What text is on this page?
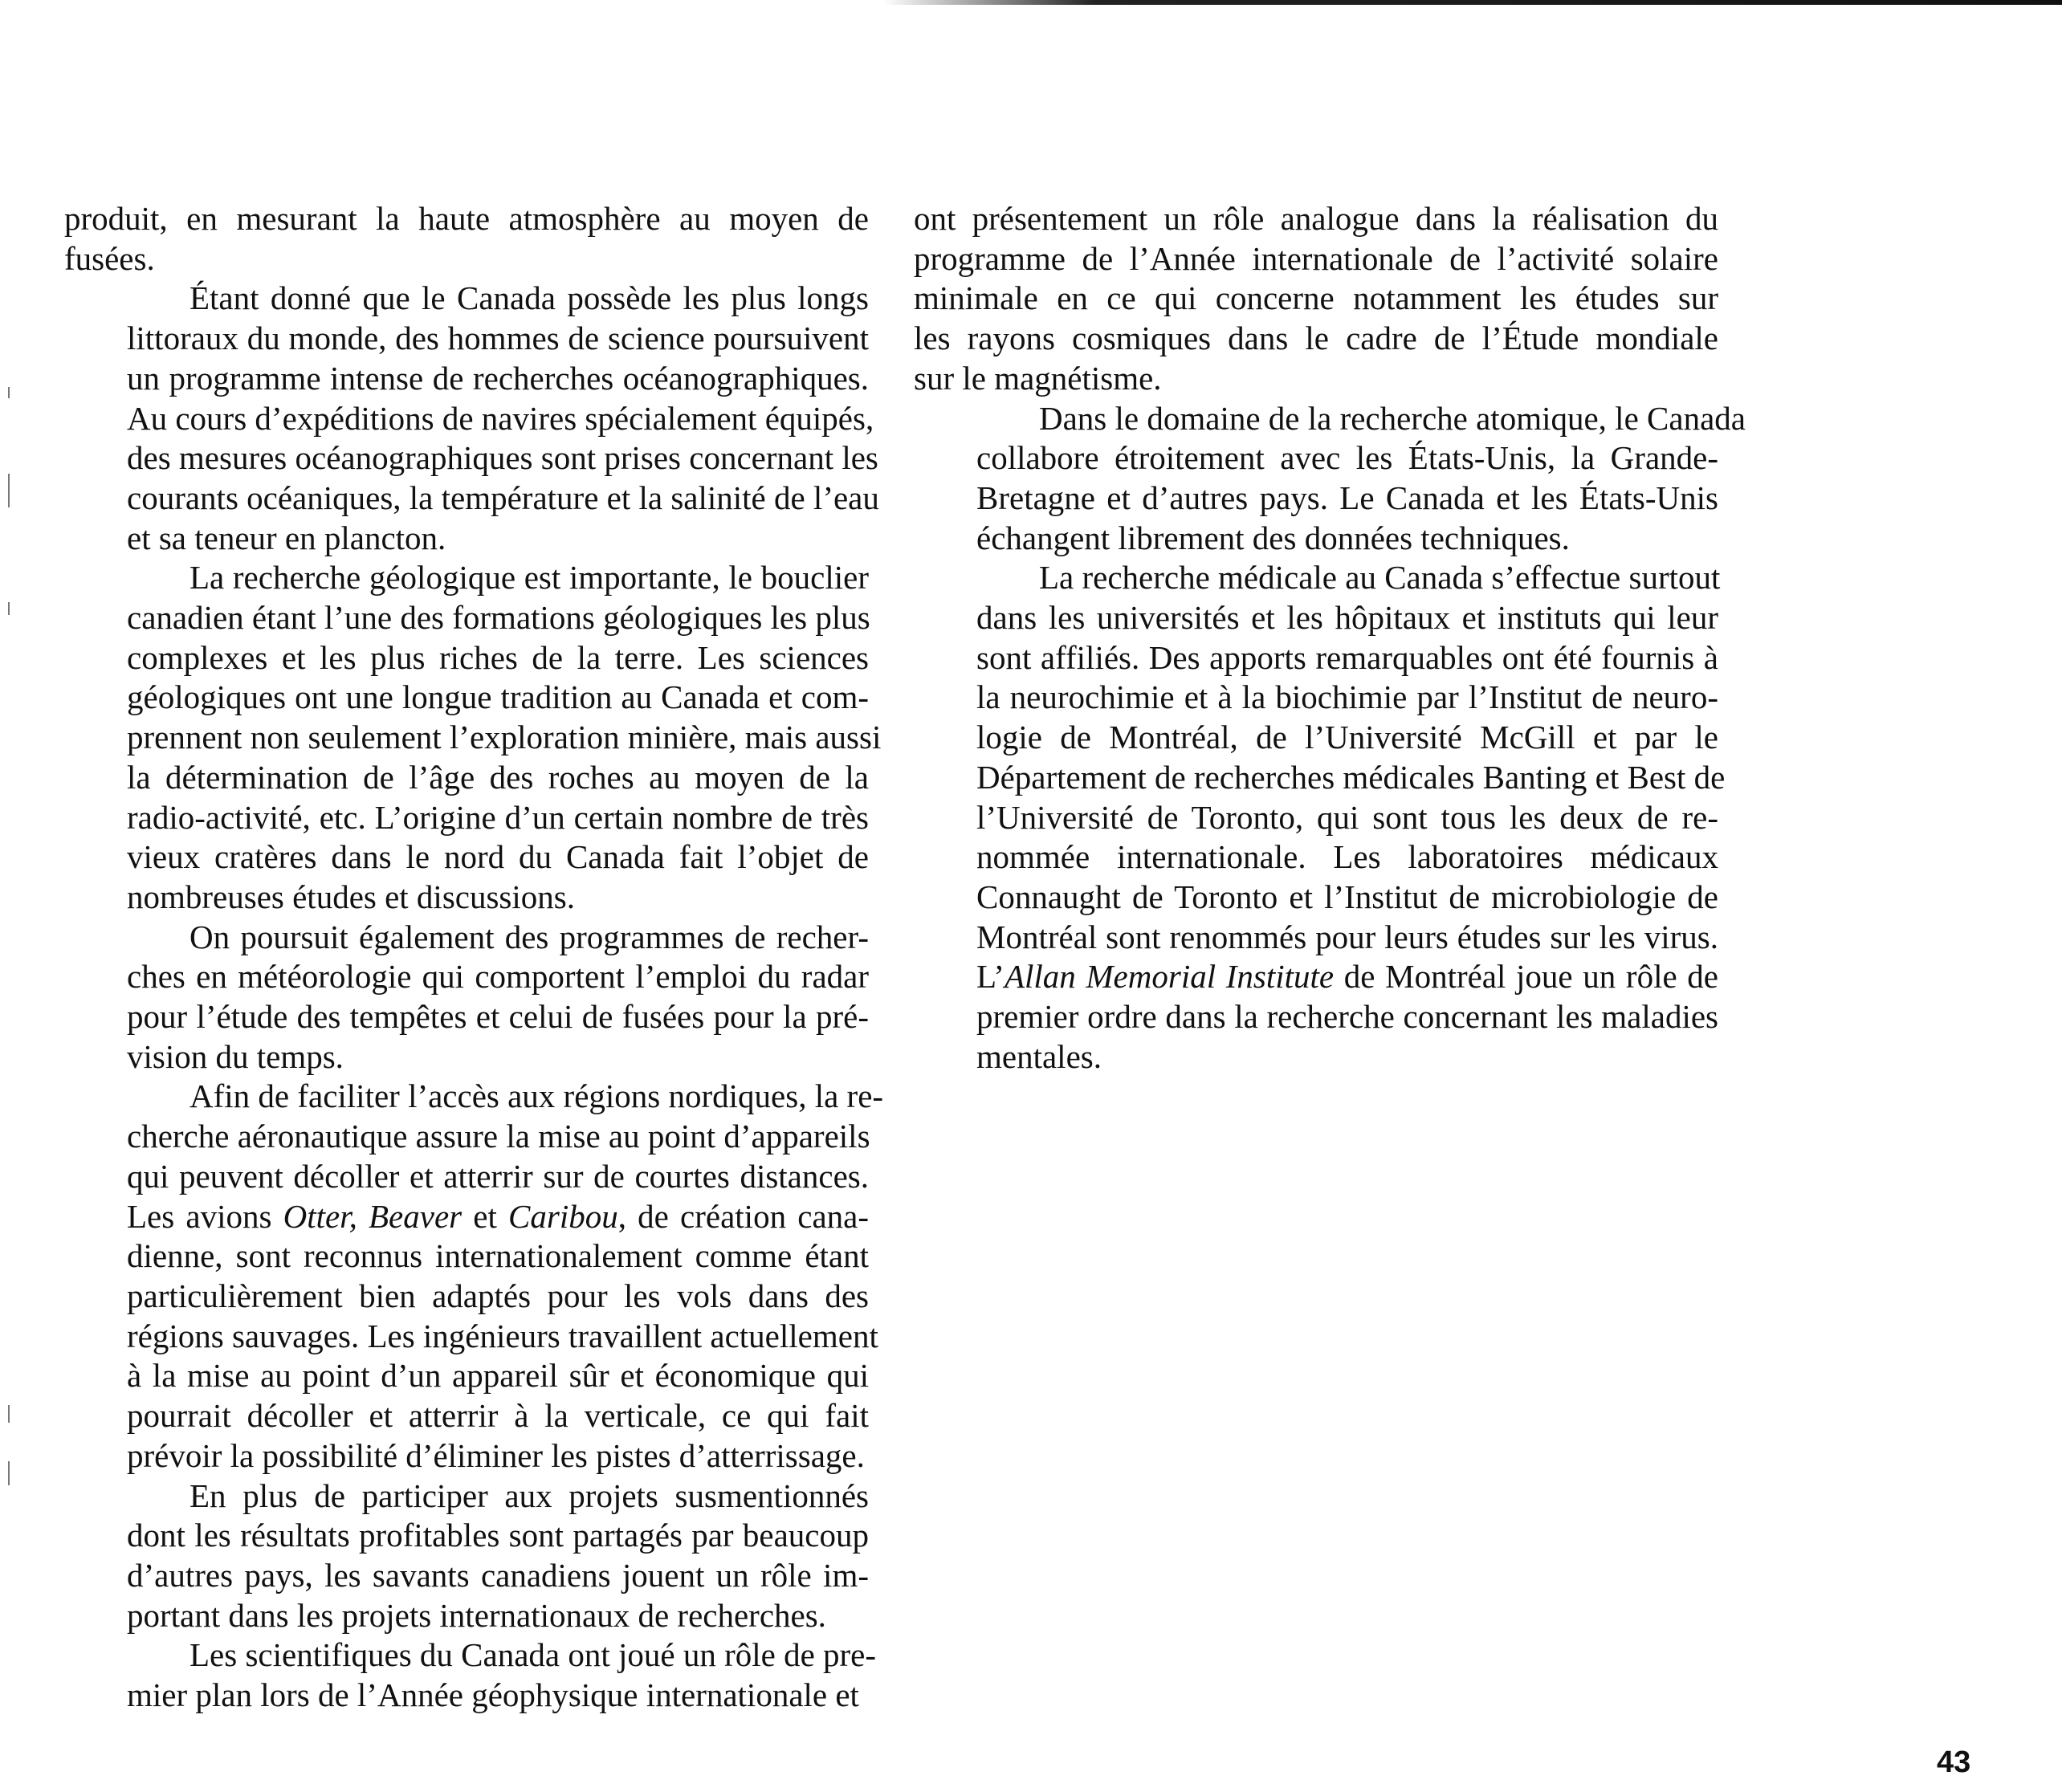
produit, en mesurant la haute atmosphère au moyen de
fusées.

Étant donné que le Canada possède les plus longs
littoraux du monde, des hommes de science poursuivent
un programme intense de recherches océanographiques.
Au cours d’expéditions de navires spécialement équipés,
des mesures océanographiques sont prises concernant les
courants océaniques, la température et la salinité de l’eau
et sa teneur en plancton.

La recherche géologique est importante, le bouclier
canadien étant l’une des formations géologiques les plus
complexes et les plus riches de la terre. Les sciences
géologiques ont une longue tradition au Canada et com-
prennent non seulement l’exploration minière, mais aussi
la détermination de l’âge des roches au moyen de la
radio-activité, etc. L’origine d’un certain nombre de très
vieux cratères dans le nord du Canada fait l’objet de
nombreuses études et discussions.

On poursuit également des programmes de recher-
ches en météorologie qui comportent l’emploi du radar
pour l’étude des tempêtes et celui de fusées pour la pré-
vision du temps.

Afin de faciliter l’accès aux régions nordiques, la re-
cherche aéronautique assure la mise au point d’appareils
qui peuvent décoller et atterrir sur de courtes distances.
Les avions Otter, Beaver et Caribou, de création cana-
dienne, sont reconnus internationalement comme étant
particulièrement bien adaptés pour les vols dans des
régions sauvages. Les ingénieurs travaillent actuellement
à la mise au point d’un appareil sûr et économique qui
pourrait décoller et atterrir à la verticale, ce qui fait
prévoir la possibilité d’éliminer les pistes d’atterrissage.

En plus de participer aux projets susmentionnés
dont les résultats profitables sont partagés par beaucoup
d’autres pays, les savants canadiens jouent un rôle im-
portant dans les projets internationaux de recherches.

Les scientifiques du Canada ont joué un rôle de pre-
mier plan lors de l’Année géophysique internationale et

ont présentement un rôle analogue dans la réalisation du
programme de l’Année internationale de l’activité solaire
minimale en ce qui concerne notamment les études sur
les rayons cosmiques dans le cadre de l’Étude mondiale
sur le magnétisme.

Dans le domaine de la recherche atomique, le Canada
collabore étroitement avec les États-Unis, la Grande-
Bretagne et d’autres pays. Le Canada et les États-Unis
échangent librement des données techniques.

La recherche médicale au Canada s’effectue surtout
dans les universités et les hôpitaux et instituts qui leur
sont affiliés. Des apports remarquables ont été fournis à
la neurochimie et à la biochimie par l’Institut de neuro-
logie de Montréal, de l’Université McGill et par le
Département de recherches médicales Banting et Best de
l’Université de Toronto, qui sont tous les deux de re-
nommée internationale. Les laboratoires médicaux
Connaught de Toronto et l’Institut de microbiologie de
Montréal sont renommés pour leurs études sur les virus.
L’Allan Memorial Institute de Montréal joue un rôle de
premier ordre dans la recherche concernant les maladies
mentales.

43
